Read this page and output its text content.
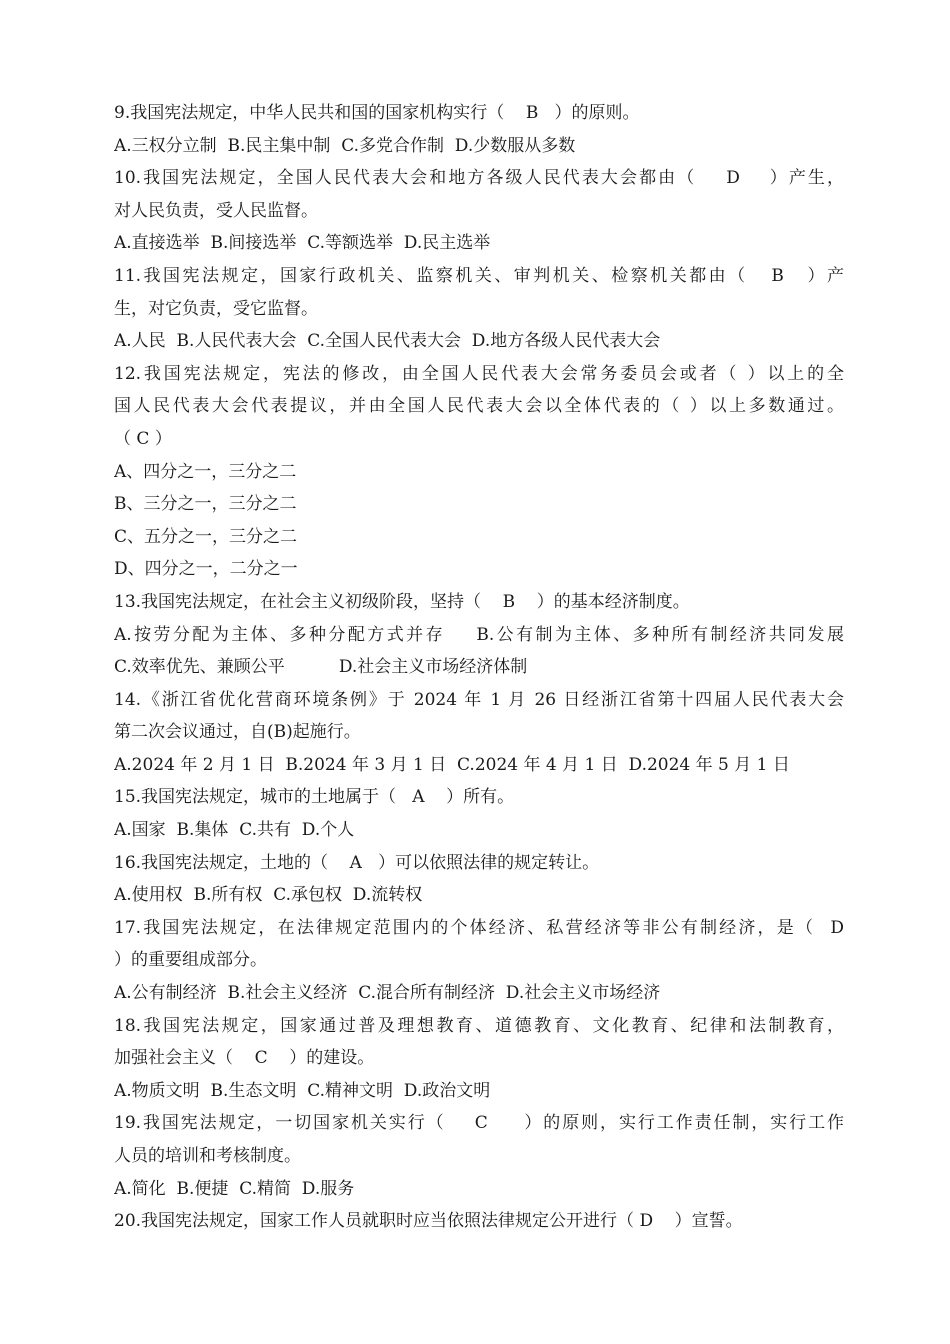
9.我国宪法规定，中华人民共和国的国家机构实行（    B   ）的原则。
A.三权分立制  B.民主集中制  C.多党合作制  D.少数服从多数
10.我国宪法规定，全国人民代表大会和地方各级人民代表大会都由（    D    ）产生，
对人民负责，受人民监督。
A.直接选举  B.间接选举  C.等额选举  D.民主选举
11.我国宪法规定，国家行政机关、监察机关、审判机关、检察机关都由（   B   ）产
生，对它负责，受它监督。
A.人民  B.人民代表大会  C.全国人民代表大会  D.地方各级人民代表大会
12.我国宪法规定，宪法的修改，由全国人民代表大会常务委员会或者（ ）以上的全
国人民代表大会代表提议，并由全国人民代表大会以全体代表的（ ）以上多数通过。
（ C ）
A、四分之一，三分之二
B、三分之一，三分之二
C、五分之一，三分之二
D、四分之一，二分之一
13.我国宪法规定，在社会主义初级阶段，坚持（    B    ）的基本经济制度。
A.按劳分配为主体、多种分配方式并存    B.公有制为主体、多种所有制经济共同发展
C.效率优先、兼顾公平          D.社会主义市场经济体制
14.《浙江省优化营商环境条例》于 2024 年 1 月 26 日经浙江省第十四届人民代表大会
第二次会议通过，自(B)起施行。
A.2024 年 2 月 1 日  B.2024 年 3 月 1 日  C.2024 年 4 月 1 日  D.2024 年 5 月 1 日
15.我国宪法规定，城市的土地属于（   A    ）所有。
A.国家  B.集体  C.共有  D.个人
16.我国宪法规定，土地的（    A   ）可以依照法律的规定转让。
A.使用权  B.所有权  C.承包权  D.流转权
17.我国宪法规定，在法律规定范围内的个体经济、私营经济等非公有制经济，是（  D
）的重要组成部分。
A.公有制经济  B.社会主义经济  C.混合所有制经济  D.社会主义市场经济
18.我国宪法规定，国家通过普及理想教育、道德教育、文化教育、纪律和法制教育，
加强社会主义（    C    ）的建设。
A.物质文明  B.生态文明  C.精神文明  D.政治文明
19.我国宪法规定，一切国家机关实行（    C     ）的原则，实行工作责任制，实行工作
人员的培训和考核制度。
A.简化  B.便捷  C.精简  D.服务
20.我国宪法规定，国家工作人员就职时应当依照法律规定公开进行（ D    ）宣誓。
